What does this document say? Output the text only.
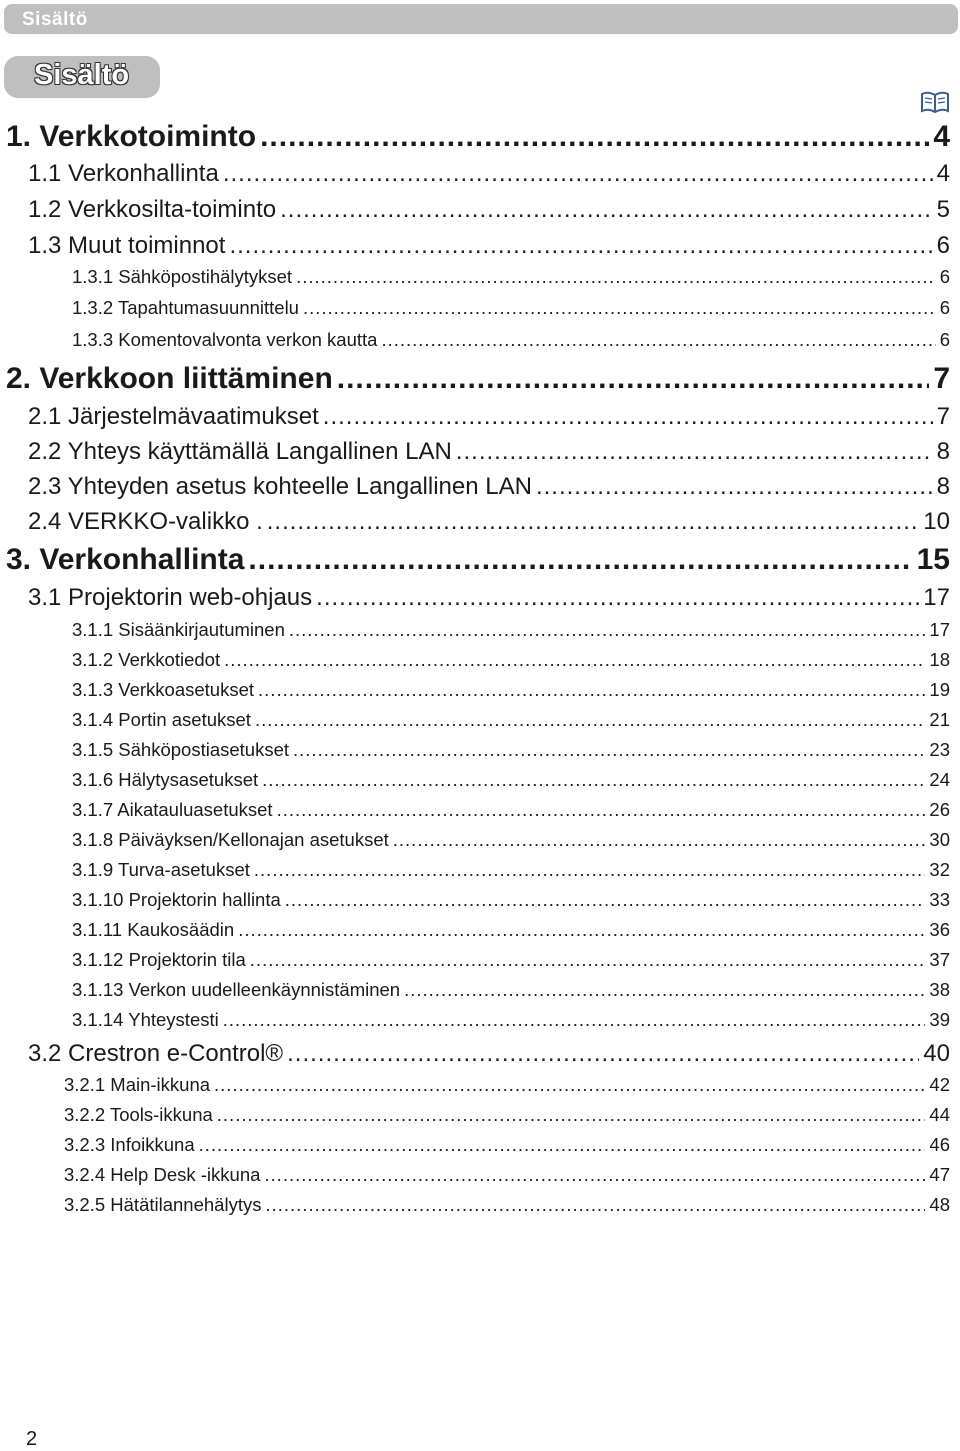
Sisältö
Sisältö
1. Verkkotoiminto .....	4
1.1 Verkonhallinta .....	4
1.2 Verkkosilta-toiminto .....	5
1.3 Muut toiminnot .....	6
1.3.1 Sähköpostihälytykset .....	6
1.3.2 Tapahtumasuunnittelu .....	6
1.3.3 Komentovalvonta verkon kautta .....	6
2. Verkkoon liittäminen .....	7
2.1 Järjestelmävaatimukset .....	7
2.2 Yhteys käyttämällä Langallinen LAN .....	8
2.3 Yhteyden asetus kohteelle Langallinen LAN .....	8
2.4 VERKKO-valikko . .....	10
3. Verkonhallinta .....	15
3.1 Projektorin web-ohjaus .....	17
3.1.1 Sisäänkirjautuminen .....	17
3.1.2 Verkkotiedot .....	18
3.1.3 Verkkoasetukset .....	19
3.1.4 Portin asetukset .....	21
3.1.5 Sähköpostiasetukset .....	23
3.1.6 Hälytysasetukset .....	24
3.1.7 Aikatauluasetukset .....	26
3.1.8 Päiväyksen/Kellonajan asetukset .....	30
3.1.9 Turva-asetukset .....	32
3.1.10 Projektorin hallinta .....	33
3.1.11 Kaukosäädin .....	36
3.1.12 Projektorin tila .....	37
3.1.13 Verkon uudelleenkäynnistäminen .....	38
3.1.14 Yhteystesti .....	39
3.2 Crestron e-Control® .....	40
3.2.1 Main-ikkuna .....	42
3.2.2 Tools-ikkuna .....	44
3.2.3 Infoikkuna .....	46
3.2.4 Help Desk -ikkuna .....	47
3.2.5 Hätätilannehälytys .....	48
2
